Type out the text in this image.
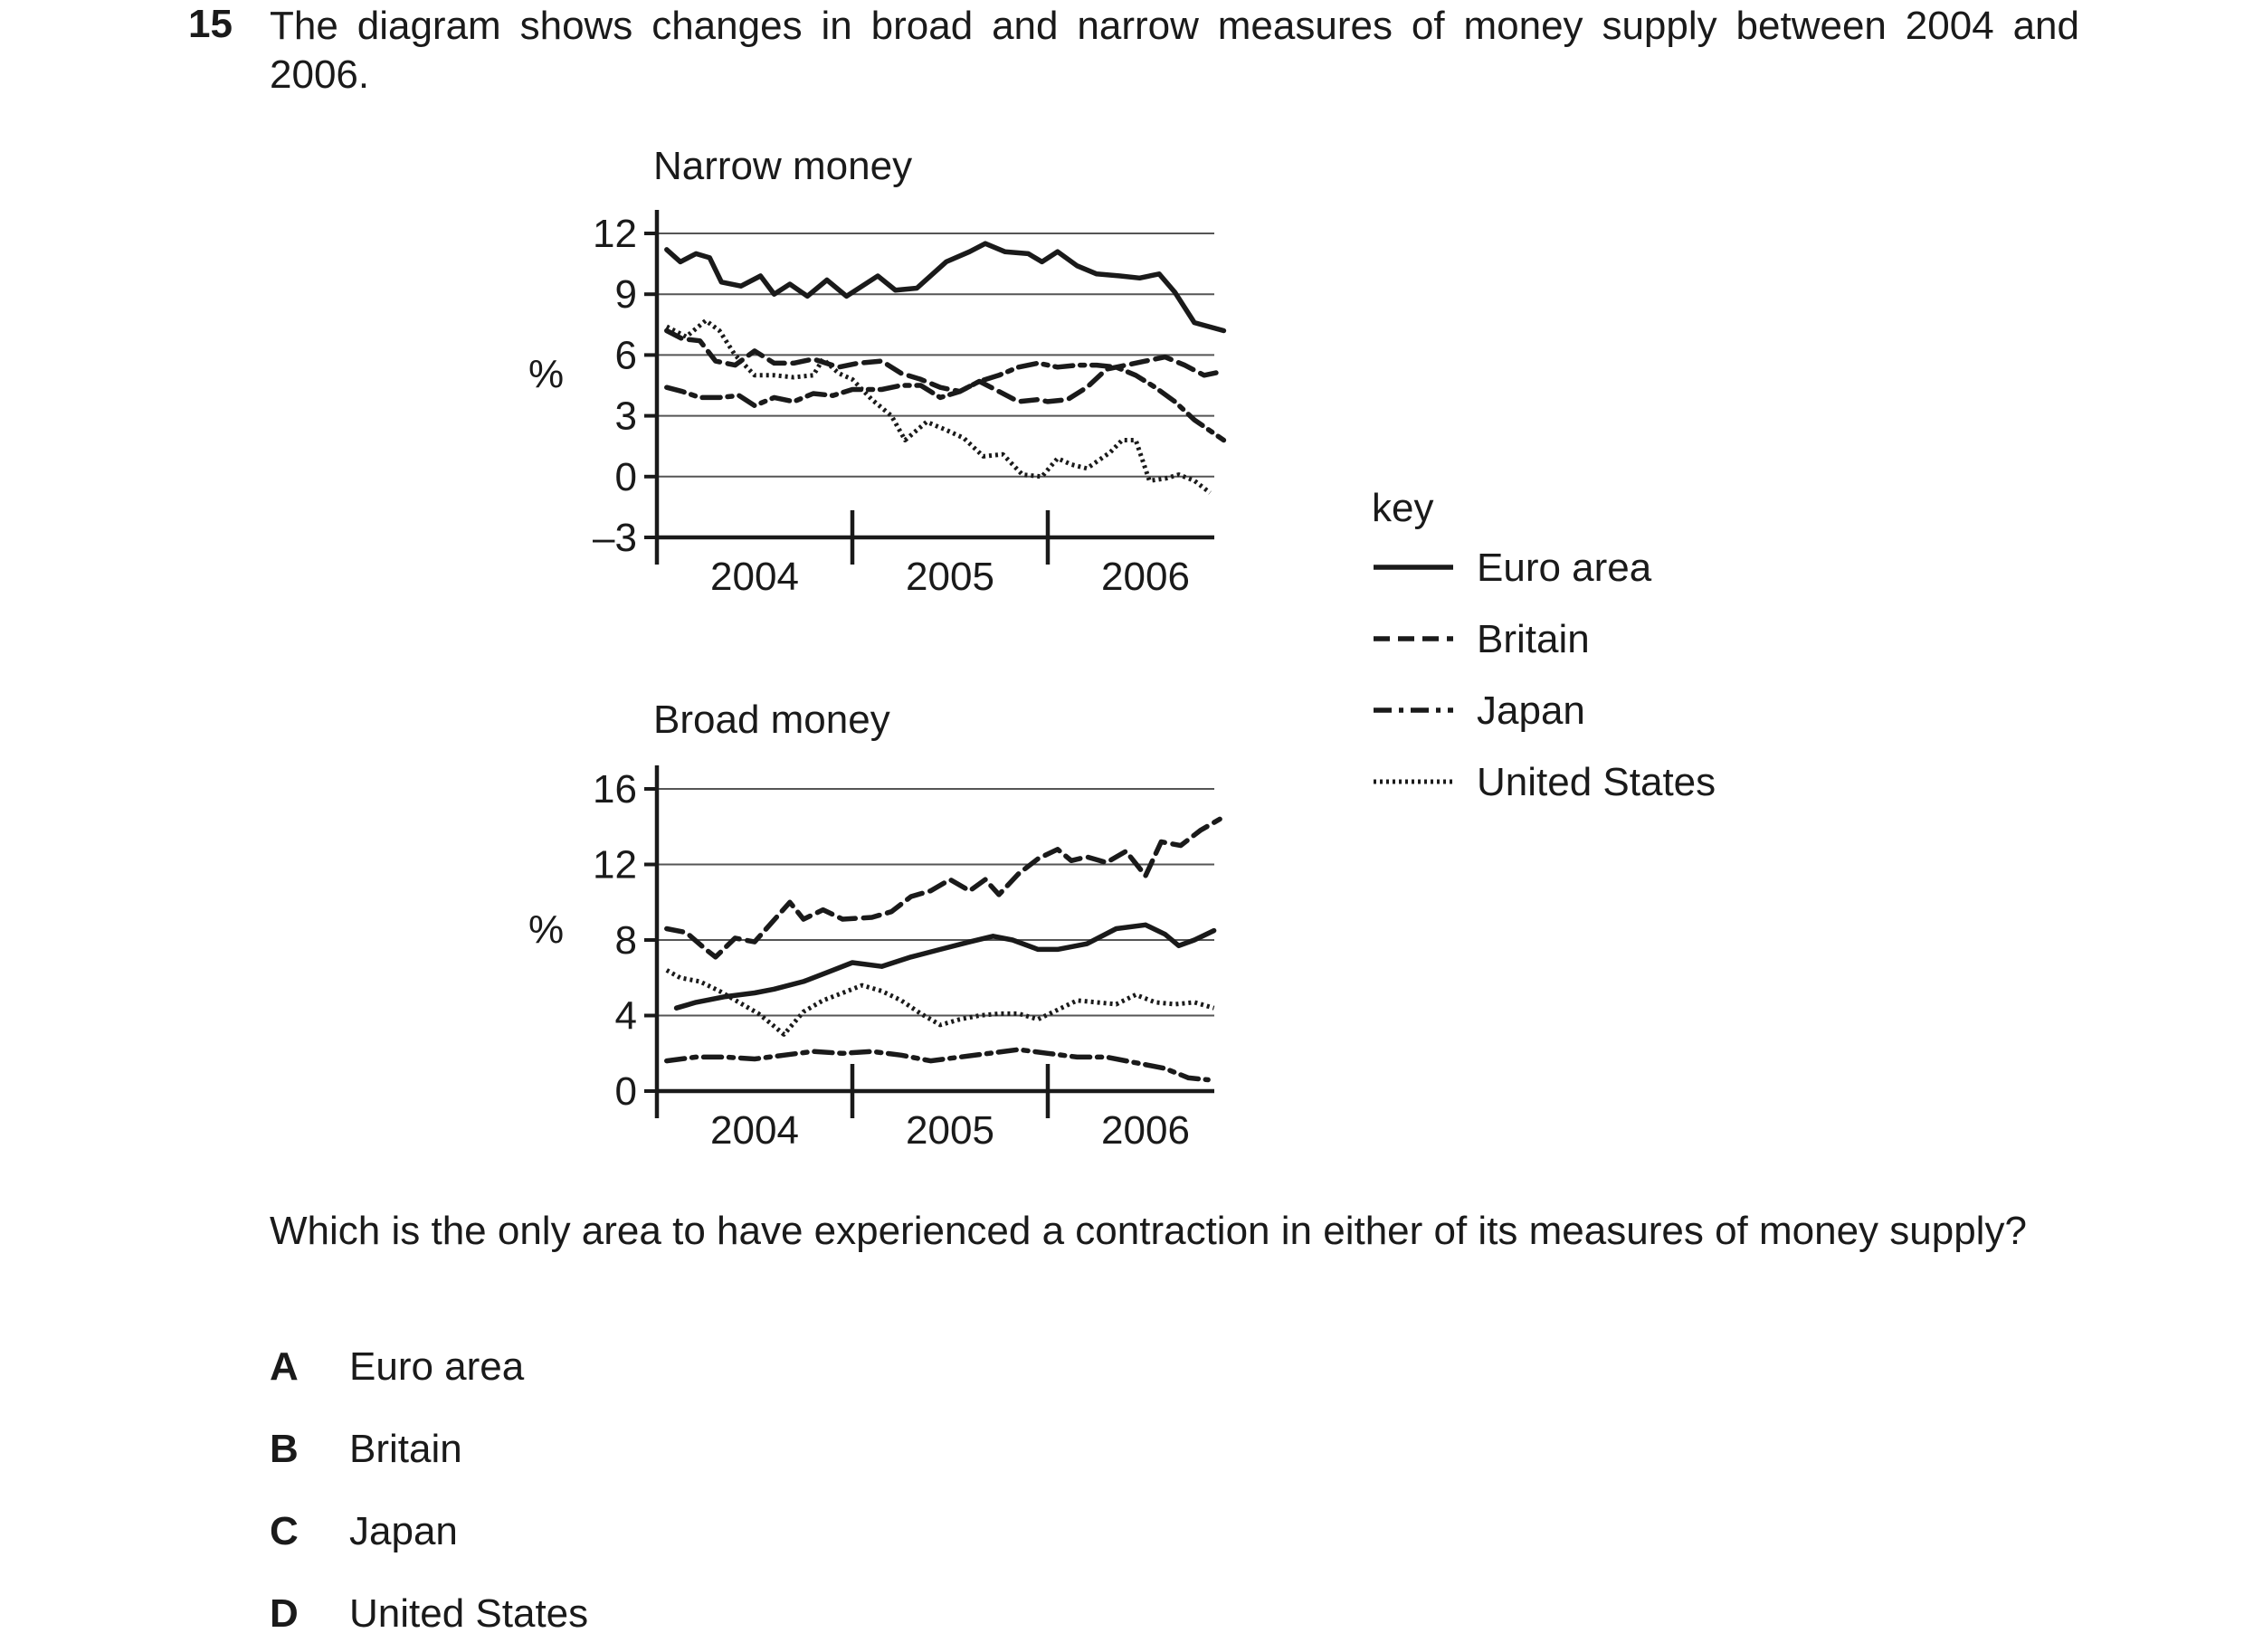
15 The diagram shows changes in broad and narrow measures of money supply between 2004 and 2006.
Narrow money
%
–3
0
3
6
9
12
2004	2005	2006
Broad money
%
0
4
8
12
16
2004	2005	2006
key
Euro area
Britain
Japan
United States
Which is the only area to have experienced a contraction in either of its measures of money supply?
A Euro area
B Britain
C Japan
D United States
